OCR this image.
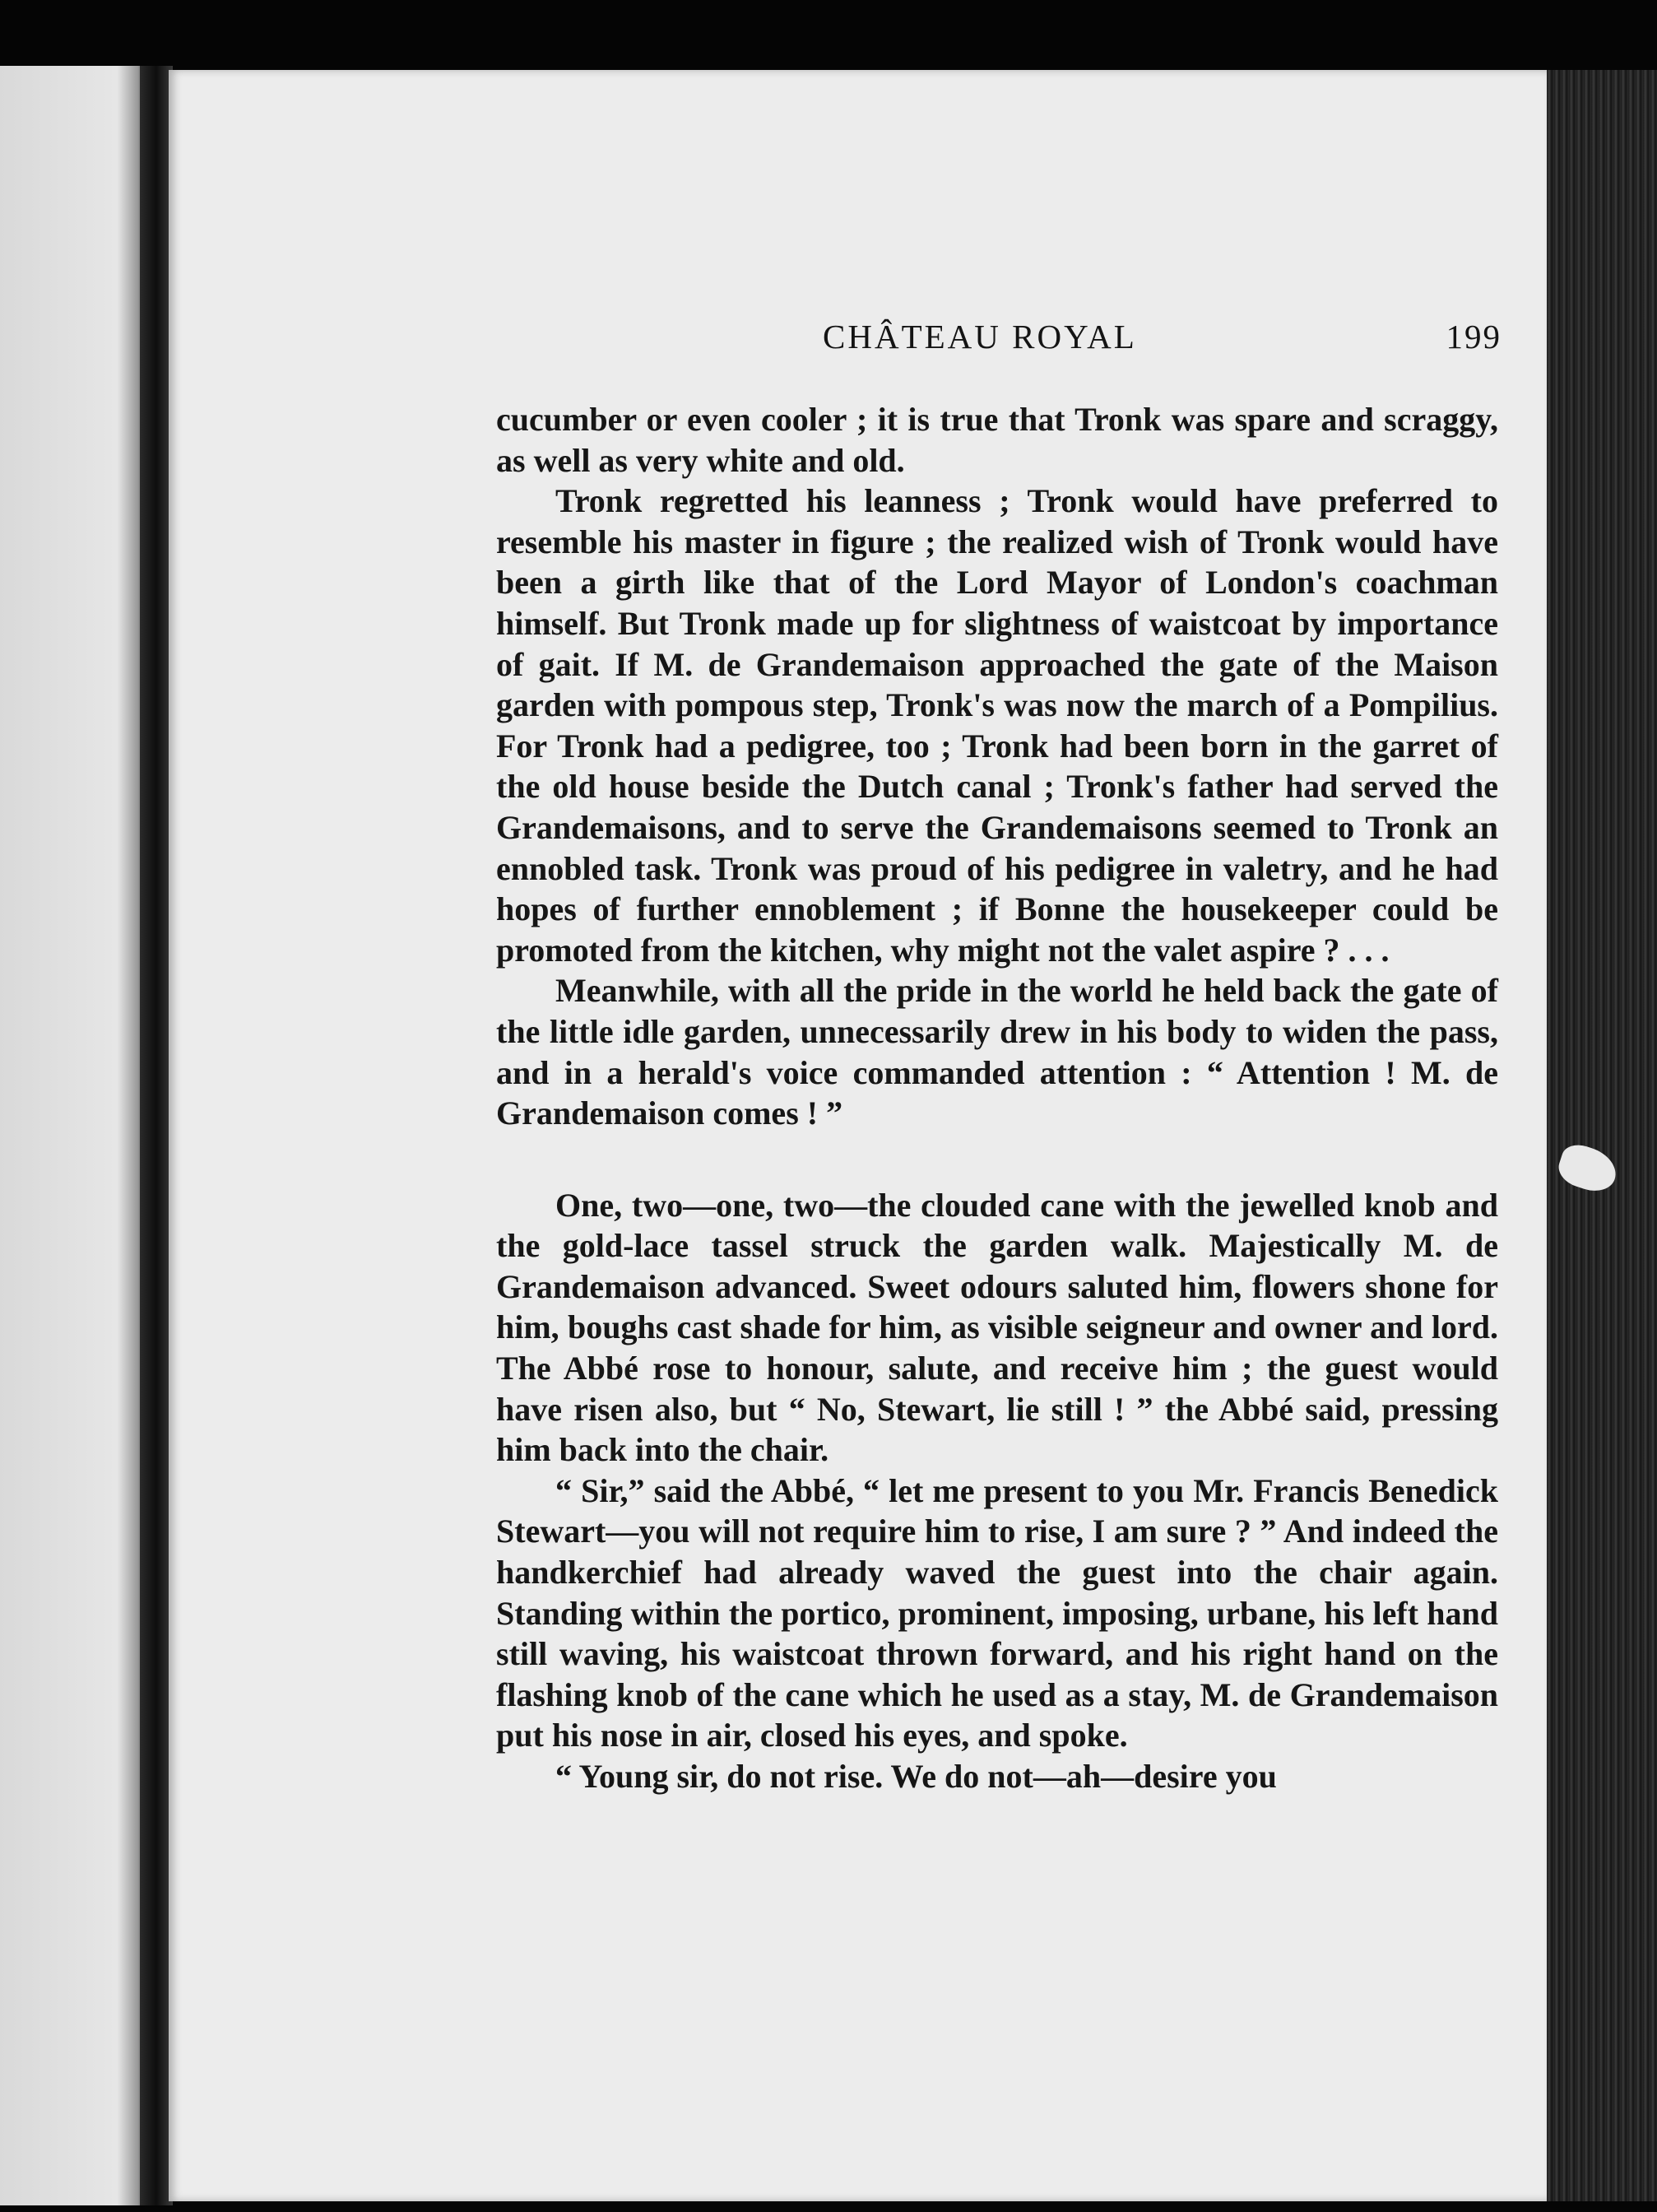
CHÂTEAU ROYAL	199

cucumber or even cooler ; it is true that Tronk was spare and scraggy, as well as very white and old.

Tronk regretted his leanness ; Tronk would have preferred to resemble his master in figure ; the realized wish of Tronk would have been a girth like that of the Lord Mayor of London's coachman himself. But Tronk made up for slightness of waistcoat by importance of gait. If M. de Grandemaison approached the gate of the Maison garden with pompous step, Tronk's was now the march of a Pompilius. For Tronk had a pedigree, too ; Tronk had been born in the garret of the old house beside the Dutch canal ; Tronk's father had served the Grandemaisons, and to serve the Grandemaisons seemed to Tronk an ennobled task. Tronk was proud of his pedigree in valetry, and he had hopes of further ennoblement ; if Bonne the housekeeper could be promoted from the kitchen, why might not the valet aspire ? . . .

Meanwhile, with all the pride in the world he held back the gate of the little idle garden, unnecessarily drew in his body to widen the pass, and in a herald's voice commanded attention : “ Attention ! M. de Grandemaison comes ! ”

One, two—one, two—the clouded cane with the jewelled knob and the gold-lace tassel struck the garden walk. Majestically M. de Grandemaison advanced. Sweet odours saluted him, flowers shone for him, boughs cast shade for him, as visible seigneur and owner and lord. The Abbé rose to honour, salute, and receive him ; the guest would have risen also, but “ No, Stewart, lie still ! ” the Abbé said, pressing him back into the chair.

“ Sir,” said the Abbé, “ let me present to you Mr. Francis Benedick Stewart—you will not require him to rise, I am sure ? ” And indeed the handkerchief had already waved the guest into the chair again. Standing within the portico, prominent, imposing, urbane, his left hand still waving, his waistcoat thrown forward, and his right hand on the flashing knob of the cane which he used as a stay, M. de Grandemaison put his nose in air, closed his eyes, and spoke.

“ Young sir, do not rise. We do not—ah—desire you
